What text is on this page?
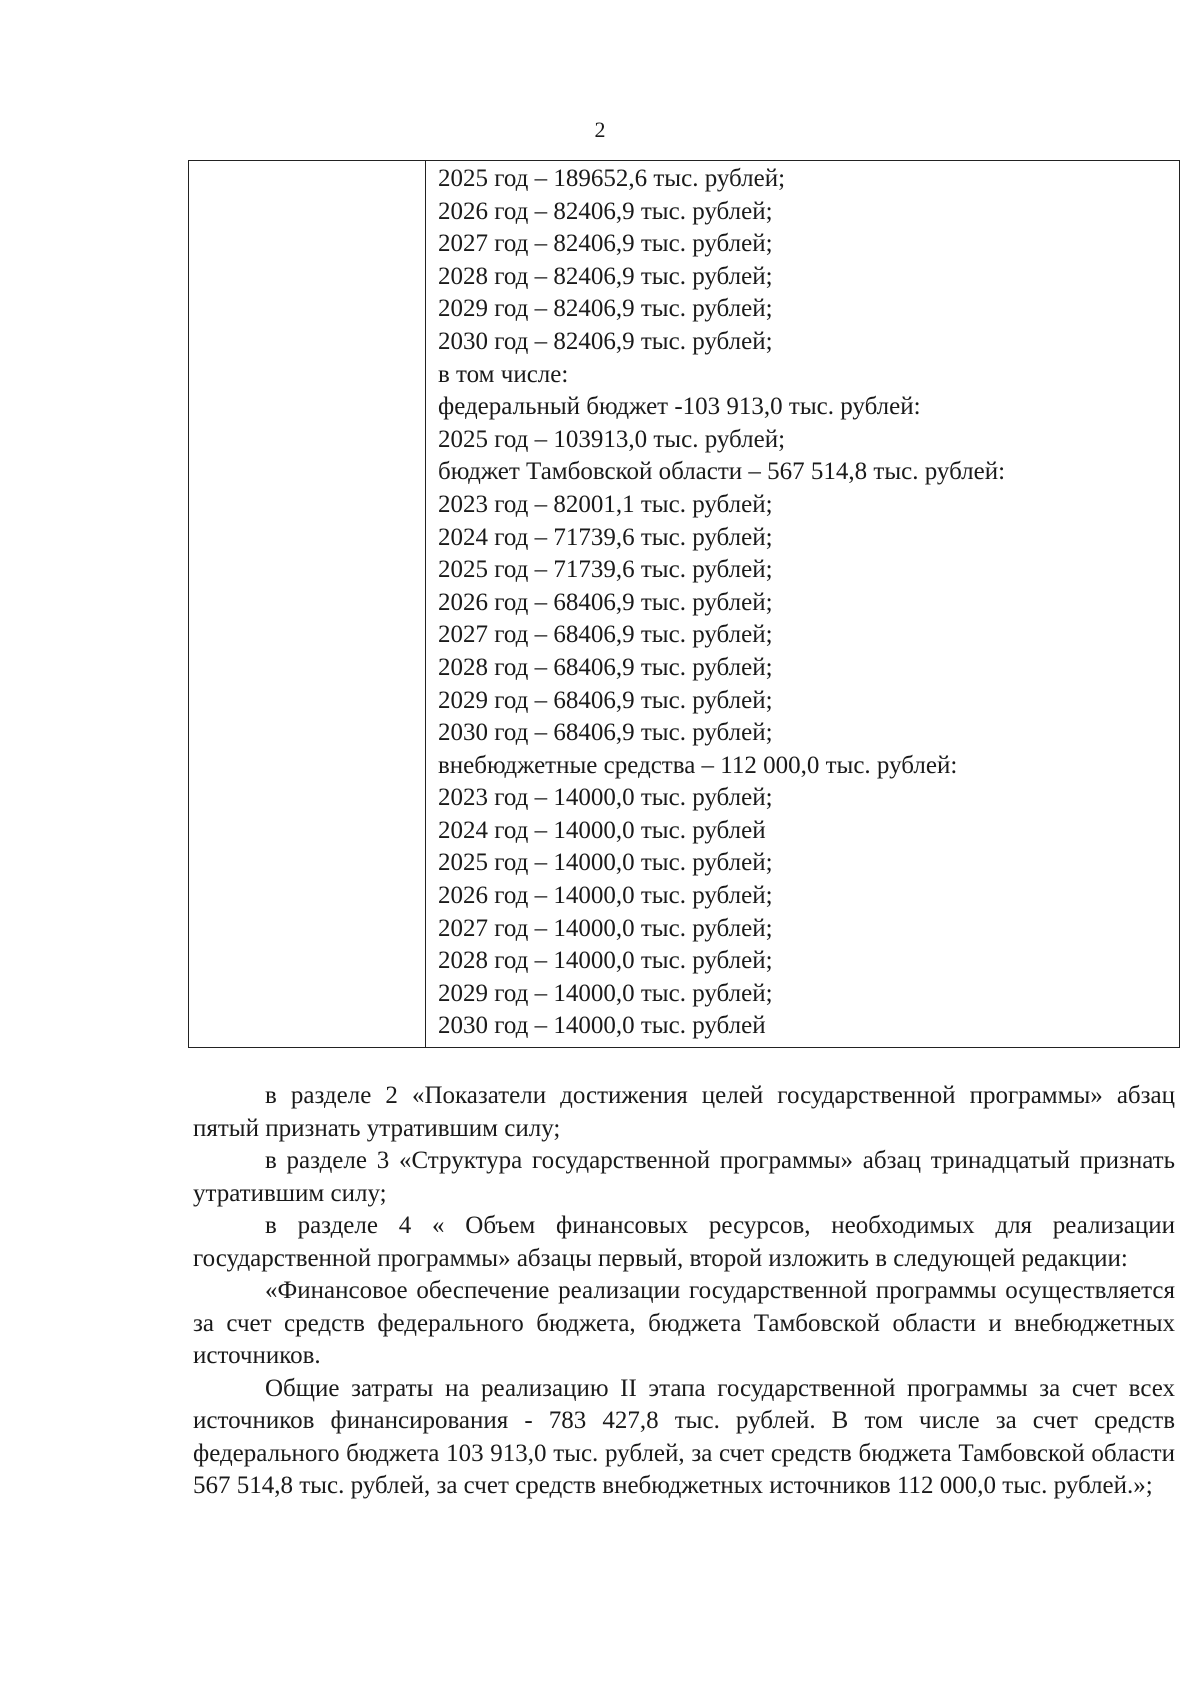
2

2025 год – 189652,6 тыс. рублей;
2026 год – 82406,9 тыс. рублей;
2027 год – 82406,9 тыс. рублей;
2028 год – 82406,9 тыс. рублей;
2029 год – 82406,9 тыс. рублей;
2030 год – 82406,9 тыс. рублей;
в том числе:
федеральный бюджет -103 913,0 тыс. рублей:
2025 год – 103913,0 тыс. рублей;
бюджет Тамбовской области – 567 514,8 тыс. рублей:
2023 год – 82001,1 тыс. рублей;
2024 год – 71739,6 тыс. рублей;
2025 год – 71739,6 тыс. рублей;
2026 год – 68406,9 тыс. рублей;
2027 год – 68406,9 тыс. рублей;
2028 год – 68406,9 тыс. рублей;
2029 год – 68406,9 тыс. рублей;
2030 год – 68406,9 тыс. рублей;
внебюджетные средства – 112 000,0 тыс. рублей:
2023 год – 14000,0 тыс. рублей;
2024 год – 14000,0 тыс. рублей
2025 год – 14000,0 тыс. рублей;
2026 год – 14000,0 тыс. рублей;
2027 год – 14000,0 тыс. рублей;
2028 год – 14000,0 тыс. рублей;
2029 год – 14000,0 тыс. рублей;
2030 год – 14000,0 тыс. рублей

в разделе 2 «Показатели достижения целей государственной программы» абзац пятый признать утратившим силу;

в разделе 3 «Структура государственной программы» абзац тринадцатый признать утратившим силу;

в разделе 4 « Объем финансовых ресурсов, необходимых для реализации государственной программы» абзацы первый, второй изложить в следующей редакции:

«Финансовое обеспечение реализации государственной программы осуществляется за счет средств федерального бюджета, бюджета Тамбовской области и внебюджетных источников.

Общие затраты на реализацию II этапа государственной программы за счет всех источников финансирования - 783 427,8 тыс. рублей. В том числе за счет средств федерального бюджета 103 913,0 тыс. рублей, за счет средств бюджета Тамбовской области 567 514,8 тыс. рублей, за счет средств внебюджетных источников 112 000,0 тыс. рублей.»;
